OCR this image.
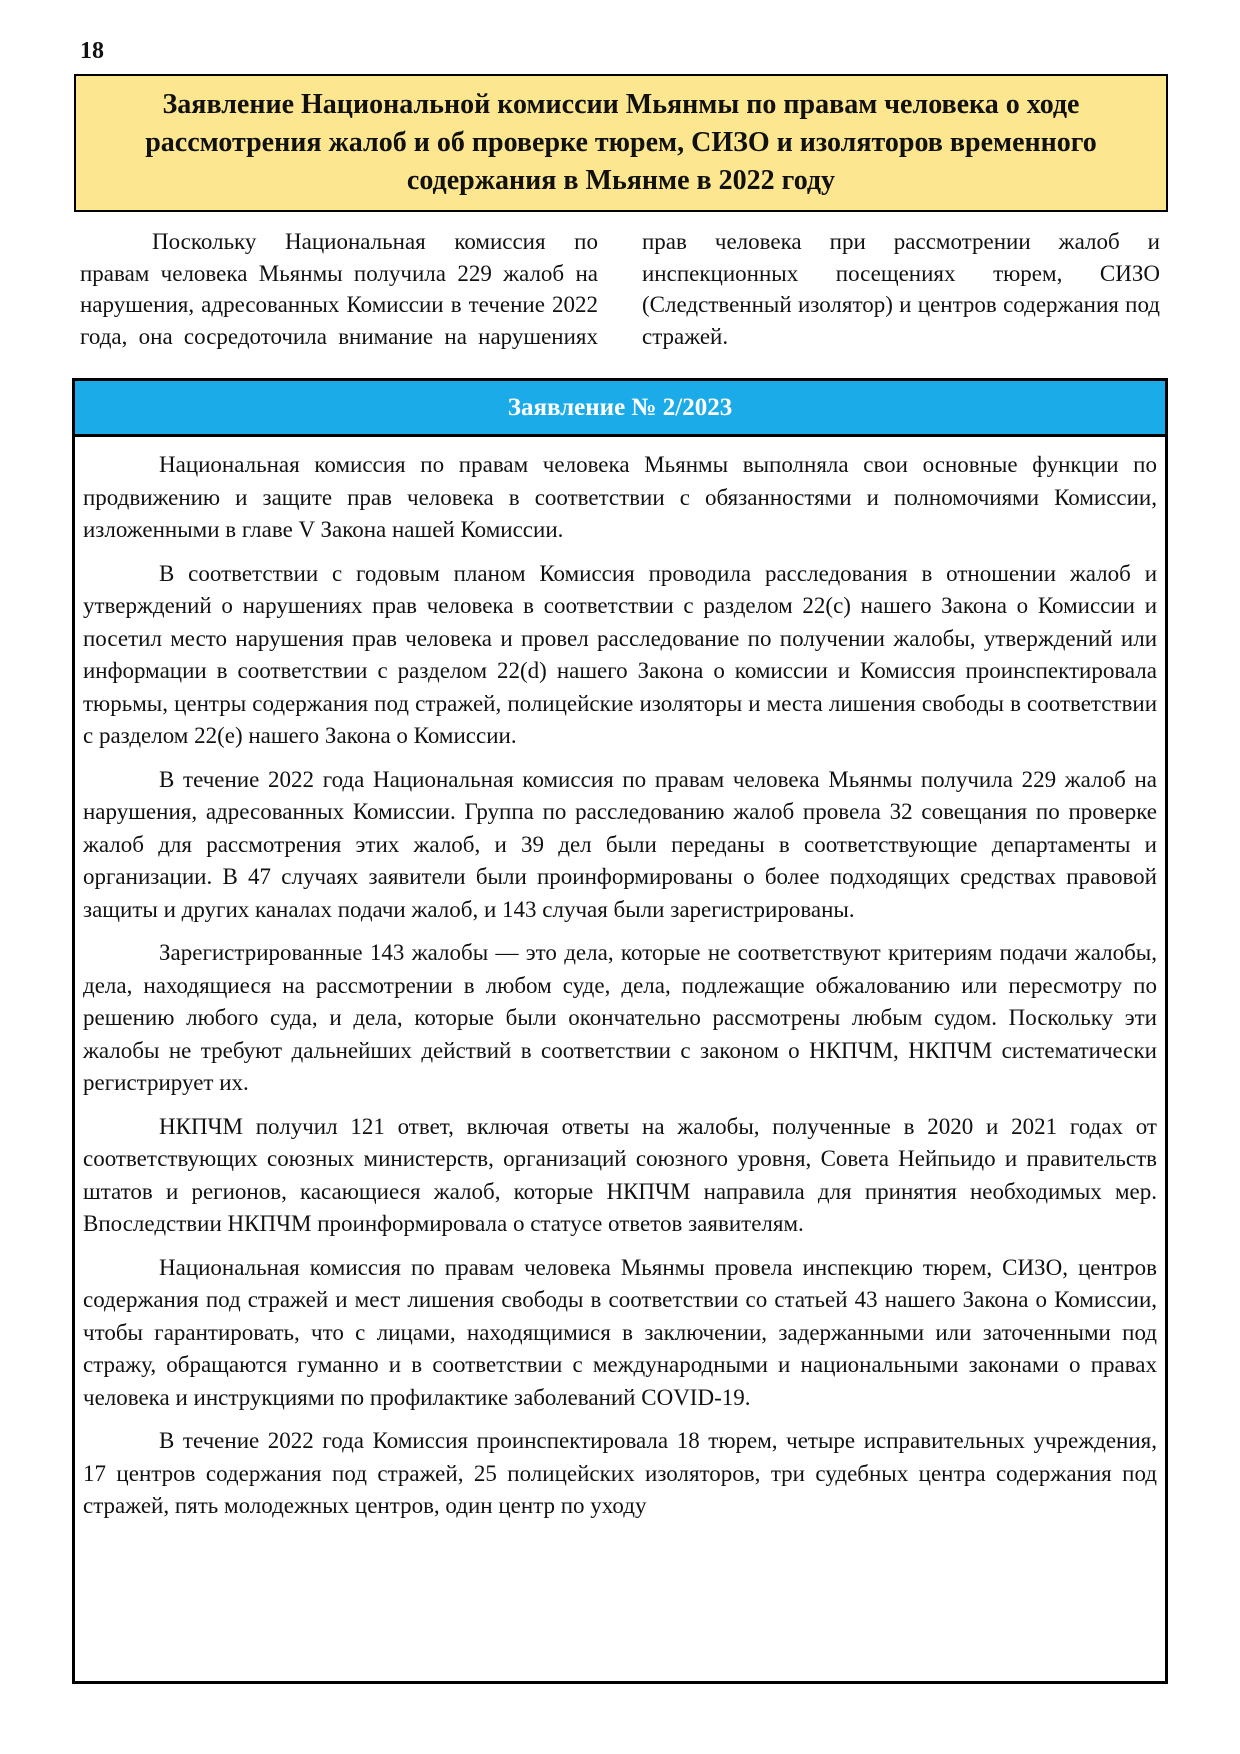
18
Заявление Национальной комиссии Мьянмы по правам человека о ходе рассмотрения жалоб и об проверке тюрем, СИЗО и изоляторов временного содержания в Мьянме в 2022 году

Поскольку Национальная комиссия по правам человека Мьянмы получила 229 жалоб на нарушения, адресованных Комиссии в течение 2022 года, она сосредоточила внимание на нарушениях прав человека при рассмотрении жалоб и инспекционных посещениях тюрем, СИЗО (Следственный изолятор) и центров содержания под стражей.

Заявление № 2/2023

Национальная комиссия по правам человека Мьянмы выполняла свои основные функции по продвижению и защите прав человека в соответствии с обязанностями и полномочиями Комиссии, изложенными в главе V Закона нашей Комиссии.

В соответствии с годовым планом Комиссия проводила расследования в отношении жалоб и утверждений о нарушениях прав человека в соответствии с разделом 22(c) нашего Закона о Комиссии и посетил место нарушения прав человека и провел расследование по получении жалобы, утверждений или информации в соответствии с разделом 22(d) нашего Закона о комиссии и Комиссия проинспектировала тюрьмы, центры содержания под стражей, полицейские изоляторы и места лишения свободы в соответствии с разделом 22(e) нашего Закона о Комиссии.

В течение 2022 года Национальная комиссия по правам человека Мьянмы получила 229 жалоб на нарушения, адресованных Комиссии. Группа по расследованию жалоб провела 32 совещания по проверке жалоб для рассмотрения этих жалоб, и 39 дел были переданы в соответствующие департаменты и организации. В 47 случаях заявители были проинформированы о более подходящих средствах правовой защиты и других каналах подачи жалоб, и 143 случая были зарегистрированы.

Зарегистрированные 143 жалобы — это дела, которые не соответствуют критериям подачи жалобы, дела, находящиеся на рассмотрении в любом суде, дела, подлежащие обжалованию или пересмотру по решению любого суда, и дела, которые были окончательно рассмотрены любым судом. Поскольку эти жалобы не требуют дальнейших действий в соответствии с законом о НКПЧМ, НКПЧМ систематически регистрирует их.

НКПЧМ получил 121 ответ, включая ответы на жалобы, полученные в 2020 и 2021 годах от соответствующих союзных министерств, организаций союзного уровня, Совета Нейпьидо и правительств штатов и регионов, касающиеся жалоб, которые НКПЧМ направила для принятия необходимых мер. Впоследствии НКПЧМ проинформировала о статусе ответов заявителям.

Национальная комиссия по правам человека Мьянмы провела инспекцию тюрем, СИЗО, центров содержания под стражей и мест лишения свободы в соответствии со статьей 43 нашего Закона о Комиссии, чтобы гарантировать, что с лицами, находящимися в заключении, задержанными или заточенными под стражу, обращаются гуманно и в соответствии с международными и национальными законами о правах человека и инструкциями по профилактике заболеваний COVID-19.

В течение 2022 года Комиссия проинспектировала 18 тюрем, четыре исправительных учреждения, 17 центров содержания под стражей, 25 полицейских изоляторов, три судебных центра содержания под стражей, пять молодежных центров, один центр по уходу
